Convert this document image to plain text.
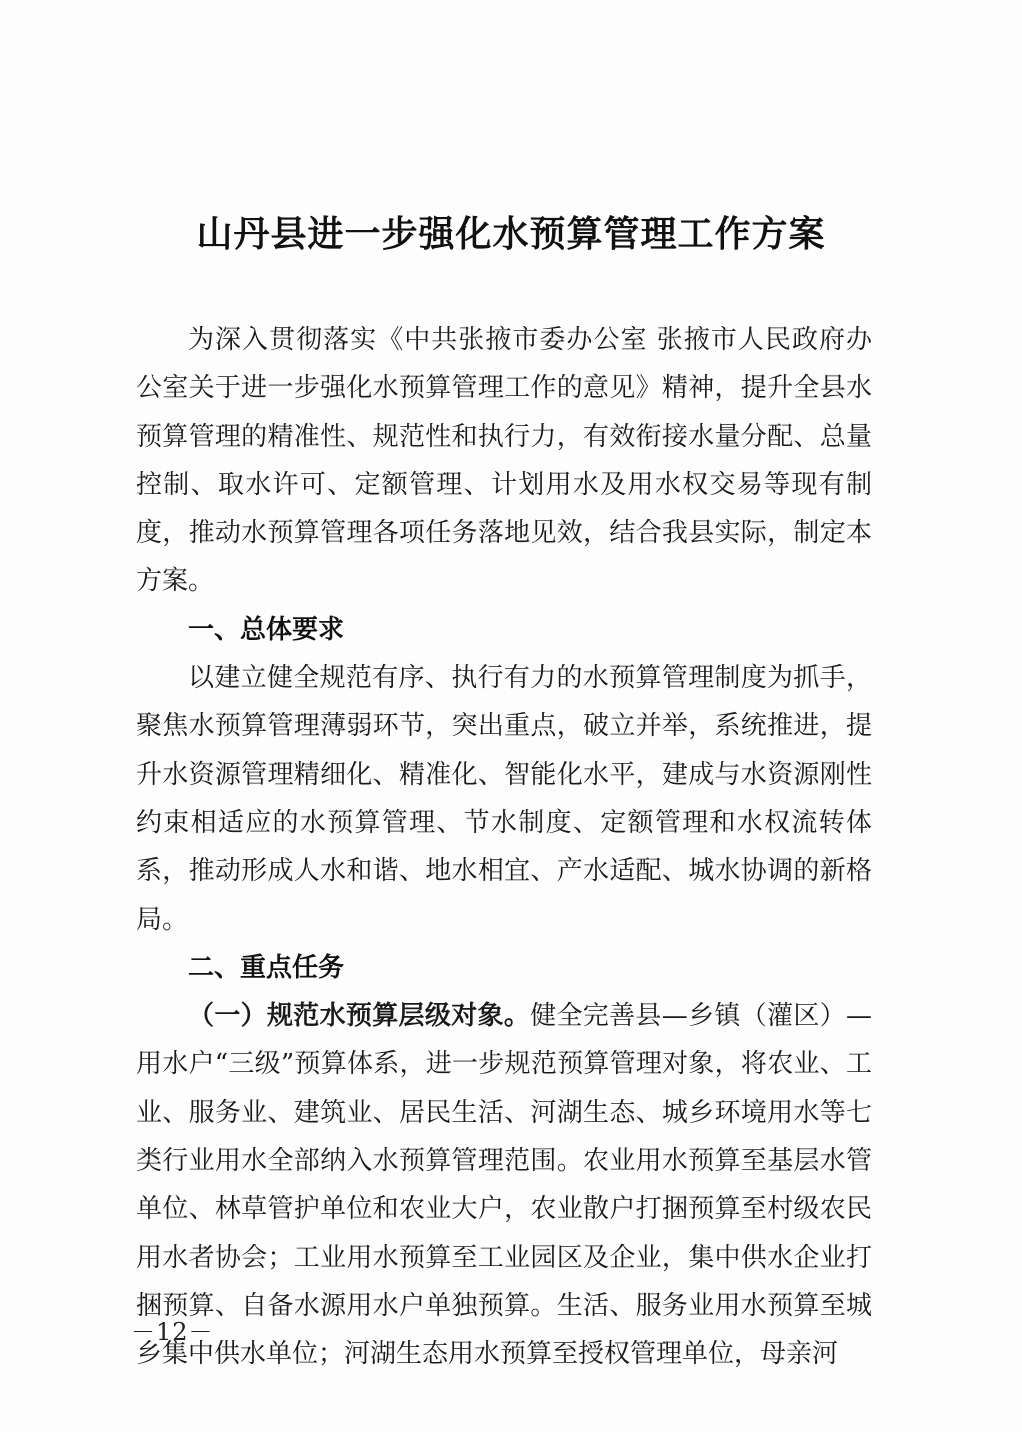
山丹县进一步强化水预算管理工作方案

为深入贯彻落实《中共张掖市委办公室 张掖市人民政府办公室关于进一步强化水预算管理工作的意见》精神，提升全县水预算管理的精准性、规范性和执行力，有效衔接水量分配、总量控制、取水许可、定额管理、计划用水及用水权交易等现有制度，推动水预算管理各项任务落地见效，结合我县实际，制定本方案。

一、总体要求

以建立健全规范有序、执行有力的水预算管理制度为抓手，聚焦水预算管理薄弱环节，突出重点，破立并举，系统推进，提升水资源管理精细化、精准化、智能化水平，建成与水资源刚性约束相适应的水预算管理、节水制度、定额管理和水权流转体系，推动形成人水和谐、地水相宜、产水适配、城水协调的新格局。

二、重点任务

（一）规范水预算层级对象。健全完善县—乡镇（灌区）—用水户“三级”预算体系，进一步规范预算管理对象，将农业、工业、服务业、建筑业、居民生活、河湖生态、城乡环境用水等七类行业用水全部纳入水预算管理范围。农业用水预算至基层水管单位、林草管护单位和农业大户，农业散户打捆预算至村级农民用水者协会；工业用水预算至工业园区及企业，集中供水企业打捆预算、自备水源用水户单独预算。生活、服务业用水预算至城乡集中供水单位；河湖生态用水预算至授权管理单位，母亲河

－12－
